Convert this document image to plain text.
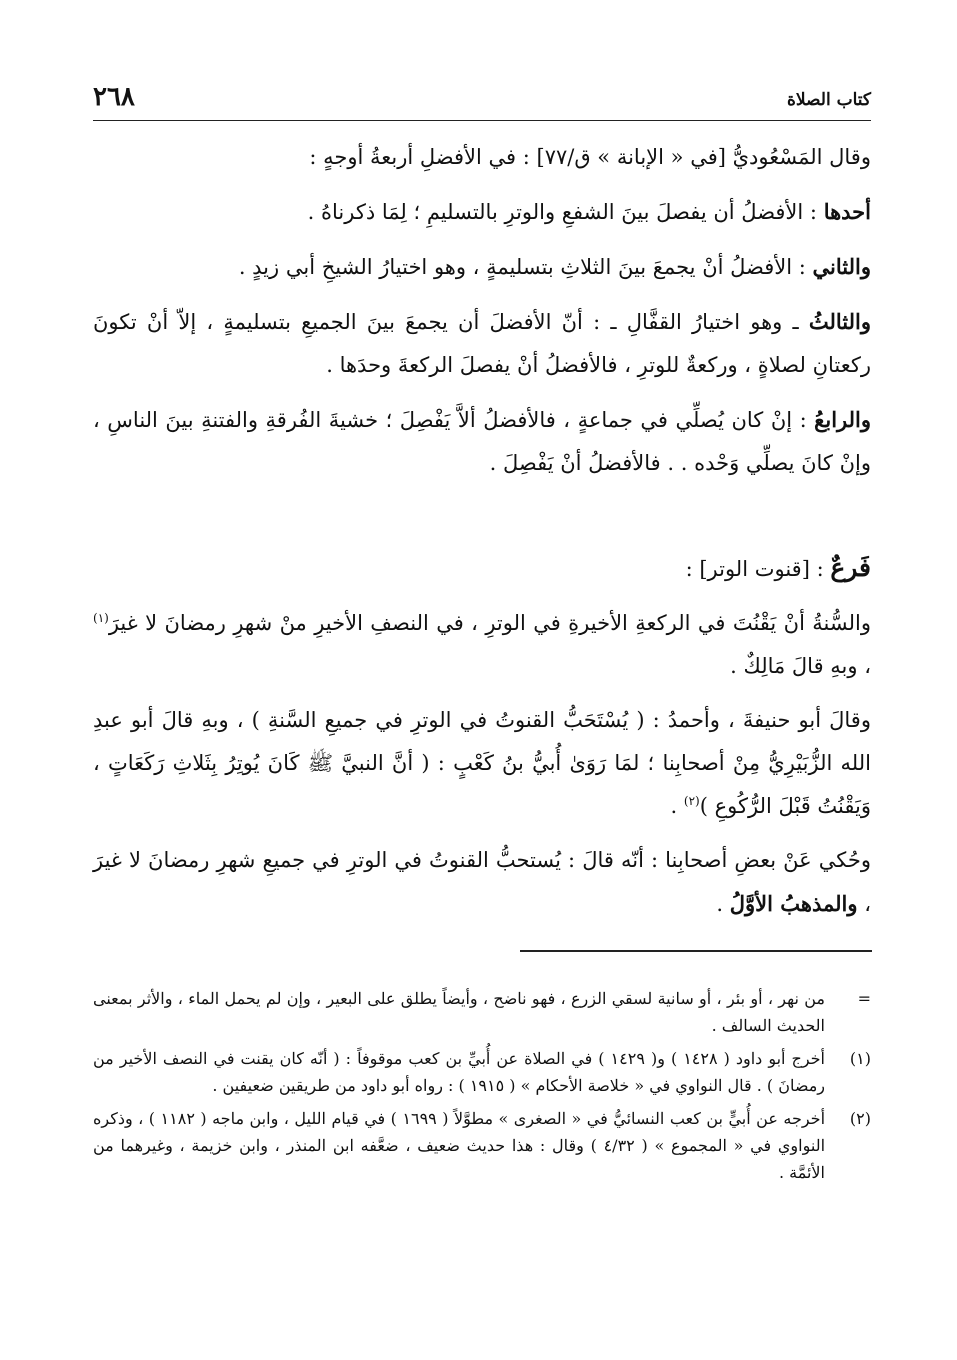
٢٦٨	كتاب الصلاة

وقال المَسْعُوديُّ [في « الإبانة » ق/٧٧] : في الأفضلِ أربعةُ أوجهٍ :

أحدها : الأفضلُ أن يفصلَ بينَ الشفعِ والوترِ بالتسليمِ ؛ لِمَا ذكرناهُ .

والثاني : الأفضلُ أنْ يجمعَ بينَ الثلاثِ بتسليمةٍ ، وهو اختيارُ الشيخِ أبي زيدٍ .

والثالثُ ـ وهو اختيارُ القفَّالِ ـ : أنّ الأفضلَ أن يجمعَ بينَ الجميعِ بتسليمةٍ ، إلاّ أنْ تكونَ ركعتانِ لصلاةٍ ، وركعةٌ للوترِ ، فالأفضلُ أنْ يفصلَ الركعةَ وحدَها .

والرابعُ : إنْ كان يُصلِّي في جماعةٍ ، فالأفضلُ ألاَّ يَفْصِلَ ؛ خشيةَ الفُرقةِ والفتنةِ بينَ الناسِ ، وإنْ كانَ يصلِّي وَحْده . . فالأفضلُ أنْ يَفْصِلَ .

فَرعٌ : [قنوت الوتر] :

والسُّنةُ أنْ يَقْنُتَ في الركعةِ الأخيرةِ في الوترِ ، في النصفِ الأخيرِ منْ شهرِ رمضانَ لا غيرَ$^{(١)}$ ، وبهِ قالَ مَالِكٌ .

وقالَ أبو حنيفةَ ، وأحمدُ : ( يُسْتَحَبُّ القنوتُ في الوترِ في جميعِ السَّنةِ ) ، وبهِ قالَ أبو عبدِ الله الزُّبَيْرِيُّ مِنْ أصحابِنا ؛ لمَا رَوَىٰ أُبيُّ بنُ كَعْبٍ : ( أنَّ النبيَّ ﷺ كَانَ يُوتِرُ بِثَلاثِ رَكَعَاتٍ ، وَيَقْنُتُ قَبْلَ الرُّكُوعِ )$^{(٢)}$ .

وحُكي عَنْ بعضِ أصحابِنا : أنّه قالَ : يُستحبُّ القنوتُ في الوترِ في جميعِ شهرِ رمضانَ لا غيرَ ، والمذهبُ الأوَّلُ .

=
من نهر ، أو بئر ، أو سانية لسقي الزرع ، فهو ناضح ، وأيضاً يطلق على البعير ، وإن لم يحمل الماء ، والأثر بمعنى الحديث السالف .
(١)
أخرج أبو داود ( ١٤٢٨ ) و( ١٤٢٩ ) في الصلاة عن أُبيِّ بن كعب موقوفاً : ( أنّه كان يقنت في النصف الأخير من رمضانَ ) . قال النواوي في « خلاصة الأحكام » ( ١٩١٥ ) : رواه أبو داود من طريقين ضعيفين .
(٢)
أخرجه عن أُبيٍّ بن كعب النسائيُّ في « الصغرى » مطوَّلاً ( ١٦٩٩ ) في قيام الليل ، وابن ماجه ( ١١٨٢ ) ، وذكره النواوي في « المجموع » ( ٤/٣٢ ) وقال : هذا حديث ضعيف ، ضعَّفه ابن المنذر ، وابن خزيمة ، وغيرهما من الأئمَّة .
